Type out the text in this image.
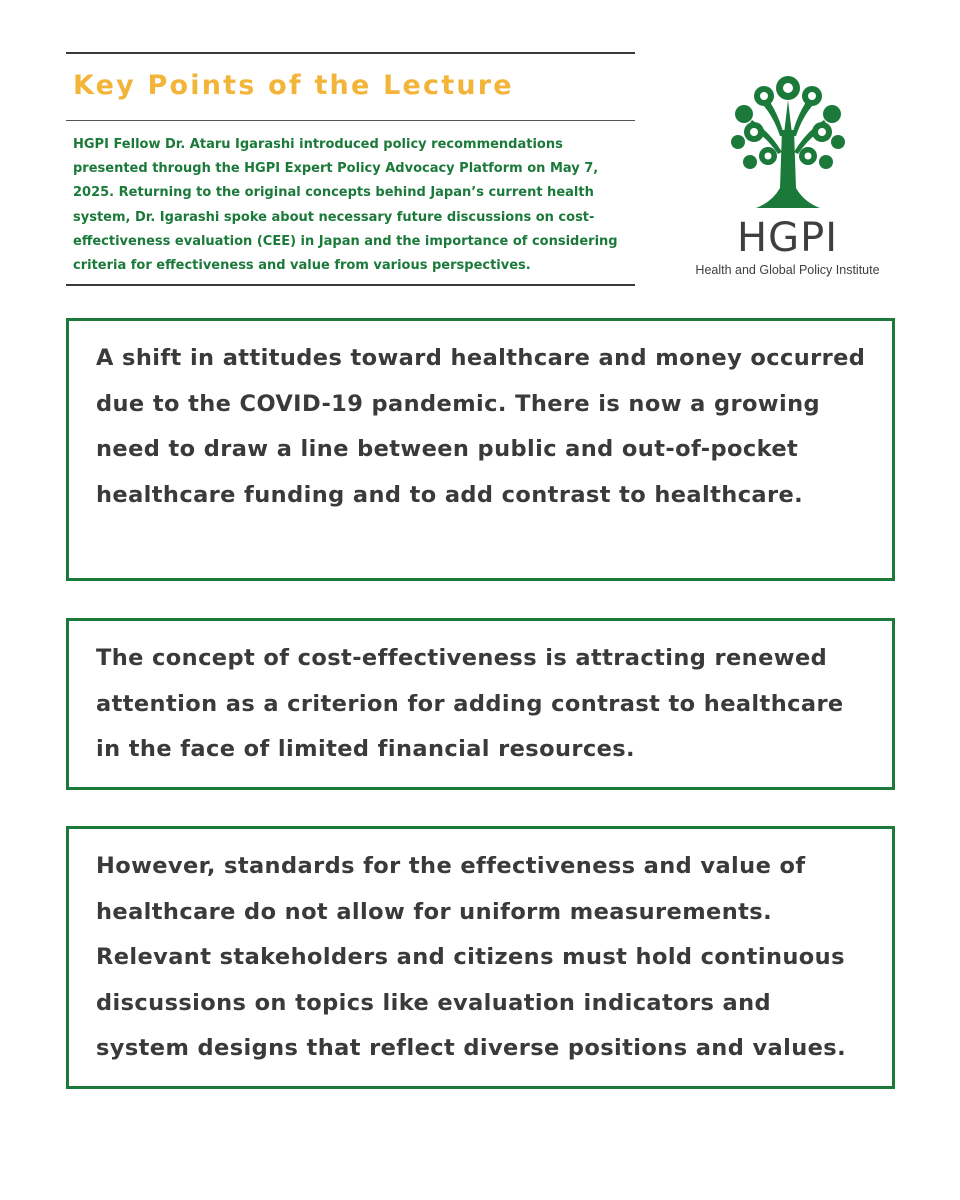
Key Points of the Lecture

HGPI Fellow Dr. Ataru Igarashi introduced policy recommendations presented through the HGPI Expert Policy Advocacy Platform on May 7, 2025. Returning to the original concepts behind Japan’s current health system, Dr. Igarashi spoke about necessary future discussions on cost-effectiveness evaluation (CEE) in Japan and the importance of considering criteria for effectiveness and value from various perspectives.

HGPI
Health and Global Policy Institute

A shift in attitudes toward healthcare and money occurred due to the COVID-19 pandemic. There is now a growing need to draw a line between public and out-of-pocket healthcare funding and to add contrast to healthcare.

The concept of cost-effectiveness is attracting renewed attention as a criterion for adding contrast to healthcare in the face of limited financial resources.

However, standards for the effectiveness and value of healthcare do not allow for uniform measurements. Relevant stakeholders and citizens must hold continuous discussions on topics like evaluation indicators and system designs that reflect diverse positions and values.
